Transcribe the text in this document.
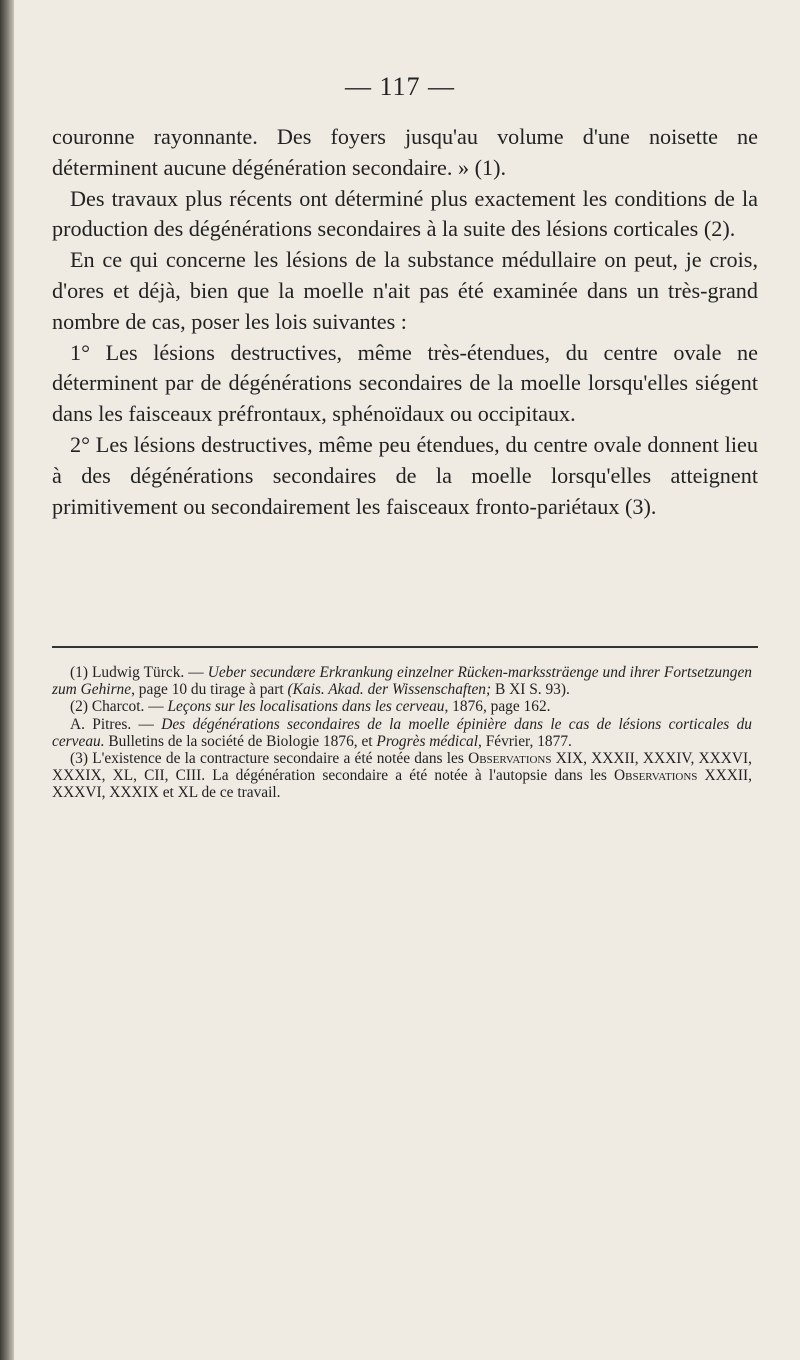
— 117 —

couronne rayonnante. Des foyers jusqu'au volume d'une noisette ne déterminent aucune dégénération secondaire. » (1).

Des travaux plus récents ont déterminé plus exactement les conditions de la production des dégénérations secondaires à la suite des lésions corticales (2).

En ce qui concerne les lésions de la substance médullaire on peut, je crois, d'ores et déjà, bien que la moelle n'ait pas été examinée dans un très-grand nombre de cas, poser les lois suivantes :

1° Les lésions destructives, même très-étendues, du centre ovale ne déterminent par de dégénérations secondaires de la moelle lorsqu'elles siégent dans les faisceaux préfrontaux, sphénoïdaux ou occipitaux.

2° Les lésions destructives, même peu étendues, du centre ovale donnent lieu à des dégénérations secondaires de la moelle lorsqu'elles atteignent primitivement ou secondairement les faisceaux fronto-pariétaux (3).

(1) Ludwig Türck. — Ueber secundære Erkrankung einzelner Rücken-markssträenge und ihrer Fortsetzungen zum Gehirne, page 10 du tirage à part (Kais. Akad. der Wissenschaften; B XI S. 93).

(2) Charcot. — Leçons sur les localisations dans les cerveau, 1876, page 162.

A. Pitres. — Des dégénérations secondaires de la moelle épinière dans le cas de lésions corticales du cerveau. Bulletins de la société de Biologie 1876, et Progrès médical, Février, 1877.

(3) L'existence de la contracture secondaire a été notée dans les Observations XIX, XXXII, XXXIV, XXXVI, XXXIX, XL, CII, CIII. La dégénération secondaire a été notée à l'autopsie dans les Observations XXXII, XXXVI, XXXIX et XL de ce travail.
